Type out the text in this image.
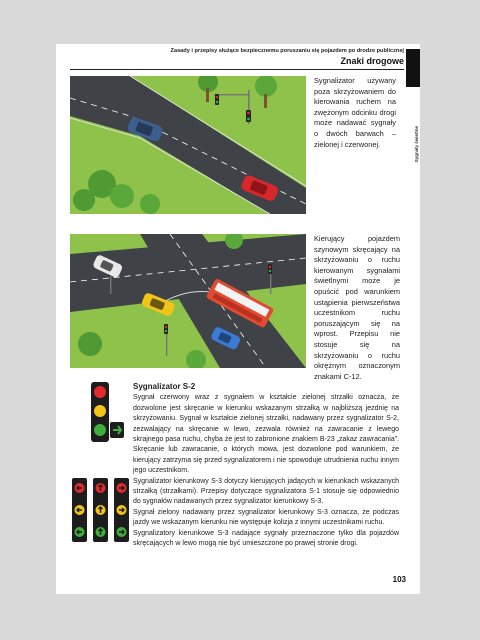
Zasady i przepisy służące bezpiecznemu poruszaniu się pojazdem po drodze publicznej
Znaki drogowe
Sygnały świetlne
Sygnalizator używany poza skrzyżowaniem do kierowania ruchem na zwężonym odcinku drogi może nadawać sygnały o dwóch barwach – zielonej i czerwonej.
Kierujący pojazdem szynowym skręcający na skrzyżowaniu o ruchu kierowanym sygnałami świetlnymi może je opuścić pod warunkiem ustąpienia pierwszeństwa uczestnikom ruchu poruszającym się na wprost. Przepisu nie stosuje się na skrzyżowaniu o ruchu okrężnym oznaczonym znakami C-12.
Sygnalizator S-2

Sygnał czerwony wraz z sygnałem w kształcie zielonej strzałki oznacza, że dozwolone jest skręcanie w kierunku wskazanym strzałką w najbliższą jezdnię na skrzyżowaniu. Sygnał w kształcie zielonej strzałki, nadawany przez sygnalizator S-2, zezwalający na skręcanie w lewo, zezwala również na zawracanie z lewego skrajnego pasa ruchu, chyba że jest to zabronione znakiem B-23 „zakaz zawracania”. Skręcanie lub zawracanie, o których mowa, jest dozwolone pod warunkiem, że kierujący zatrzyma się przed sygnalizatorem i nie spowoduje utrudnienia ruchu innym jego uczestnikom.

Sygnalizator kierunkowy S-3 dotyczy kierujących jadących w kierunkach wskazanych strzałką (strzałkami). Przepisy dotyczące sygnalizatora S-1 stosuje się odpowiednio do sygnałów nadawanych przez sygnalizator kierunkowy S-3.

Sygnał zielony nadawany przez sygnalizator kierunkowy S-3 oznacza, że podczas jazdy we wskazanym kierunku nie występuje kolizja z innymi uczestnikami ruchu.

Sygnalizatory kierunkowe S-3 nadające sygnały przeznaczone tylko dla pojazdów skręcających w lewo mogą nie być umieszczone po prawej stronie drogi.

103
